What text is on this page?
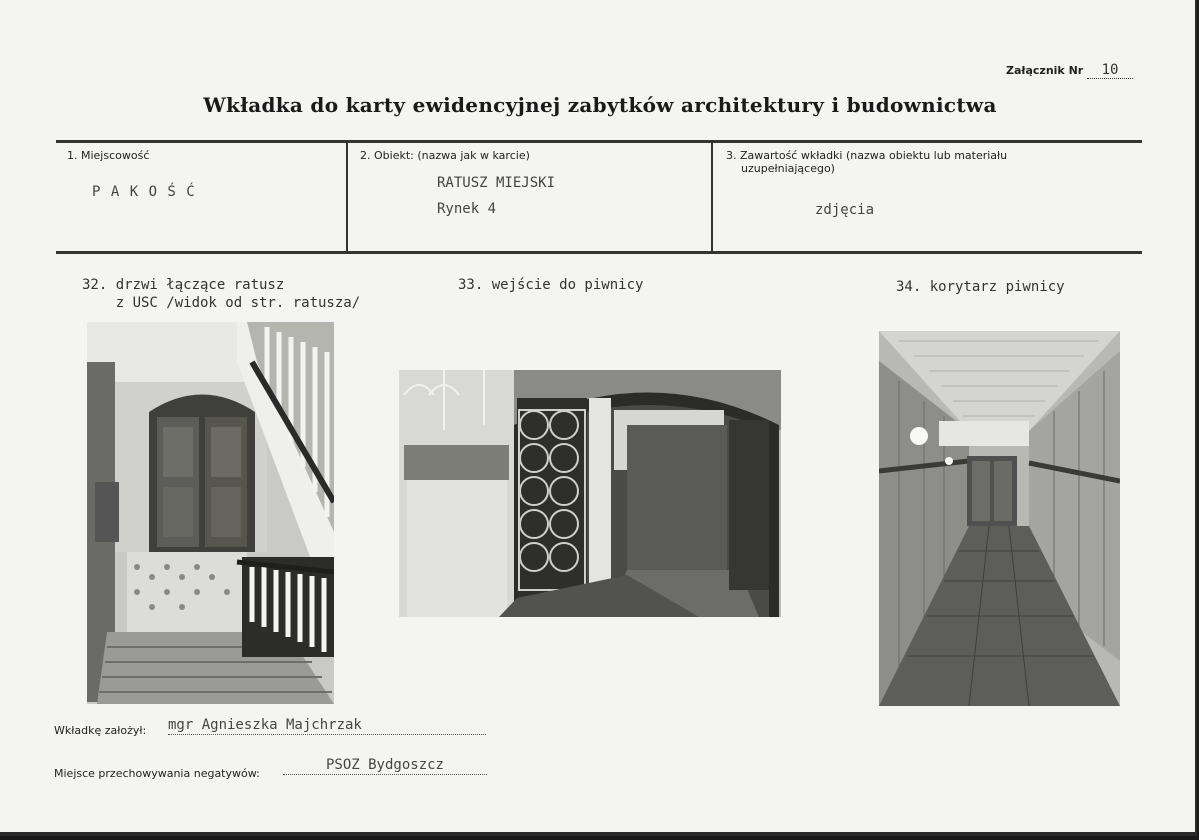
Załącznik Nr 10
Wkładka do karty ewidencyjnej zabytków architektury i budownictwa
1. Miejscowość
P A K O Ś Ć
2. Obiekt: (nazwa jak w karcie)
RATUSZ MIEJSKI
Rynek 4
3. Zawartość wkładki (nazwa obiektu lub materiału
uzupełniającego)
zdjęcia
32. drzwi łączące ratusz
z USC /widok od str. ratusza/
33. wejście do piwnicy	34. korytarz piwnicy
Wkładkę założył: mgr Agnieszka Majchrzak
Miejsce przechowywania negatywów:
PSOZ Bydgoszcz
